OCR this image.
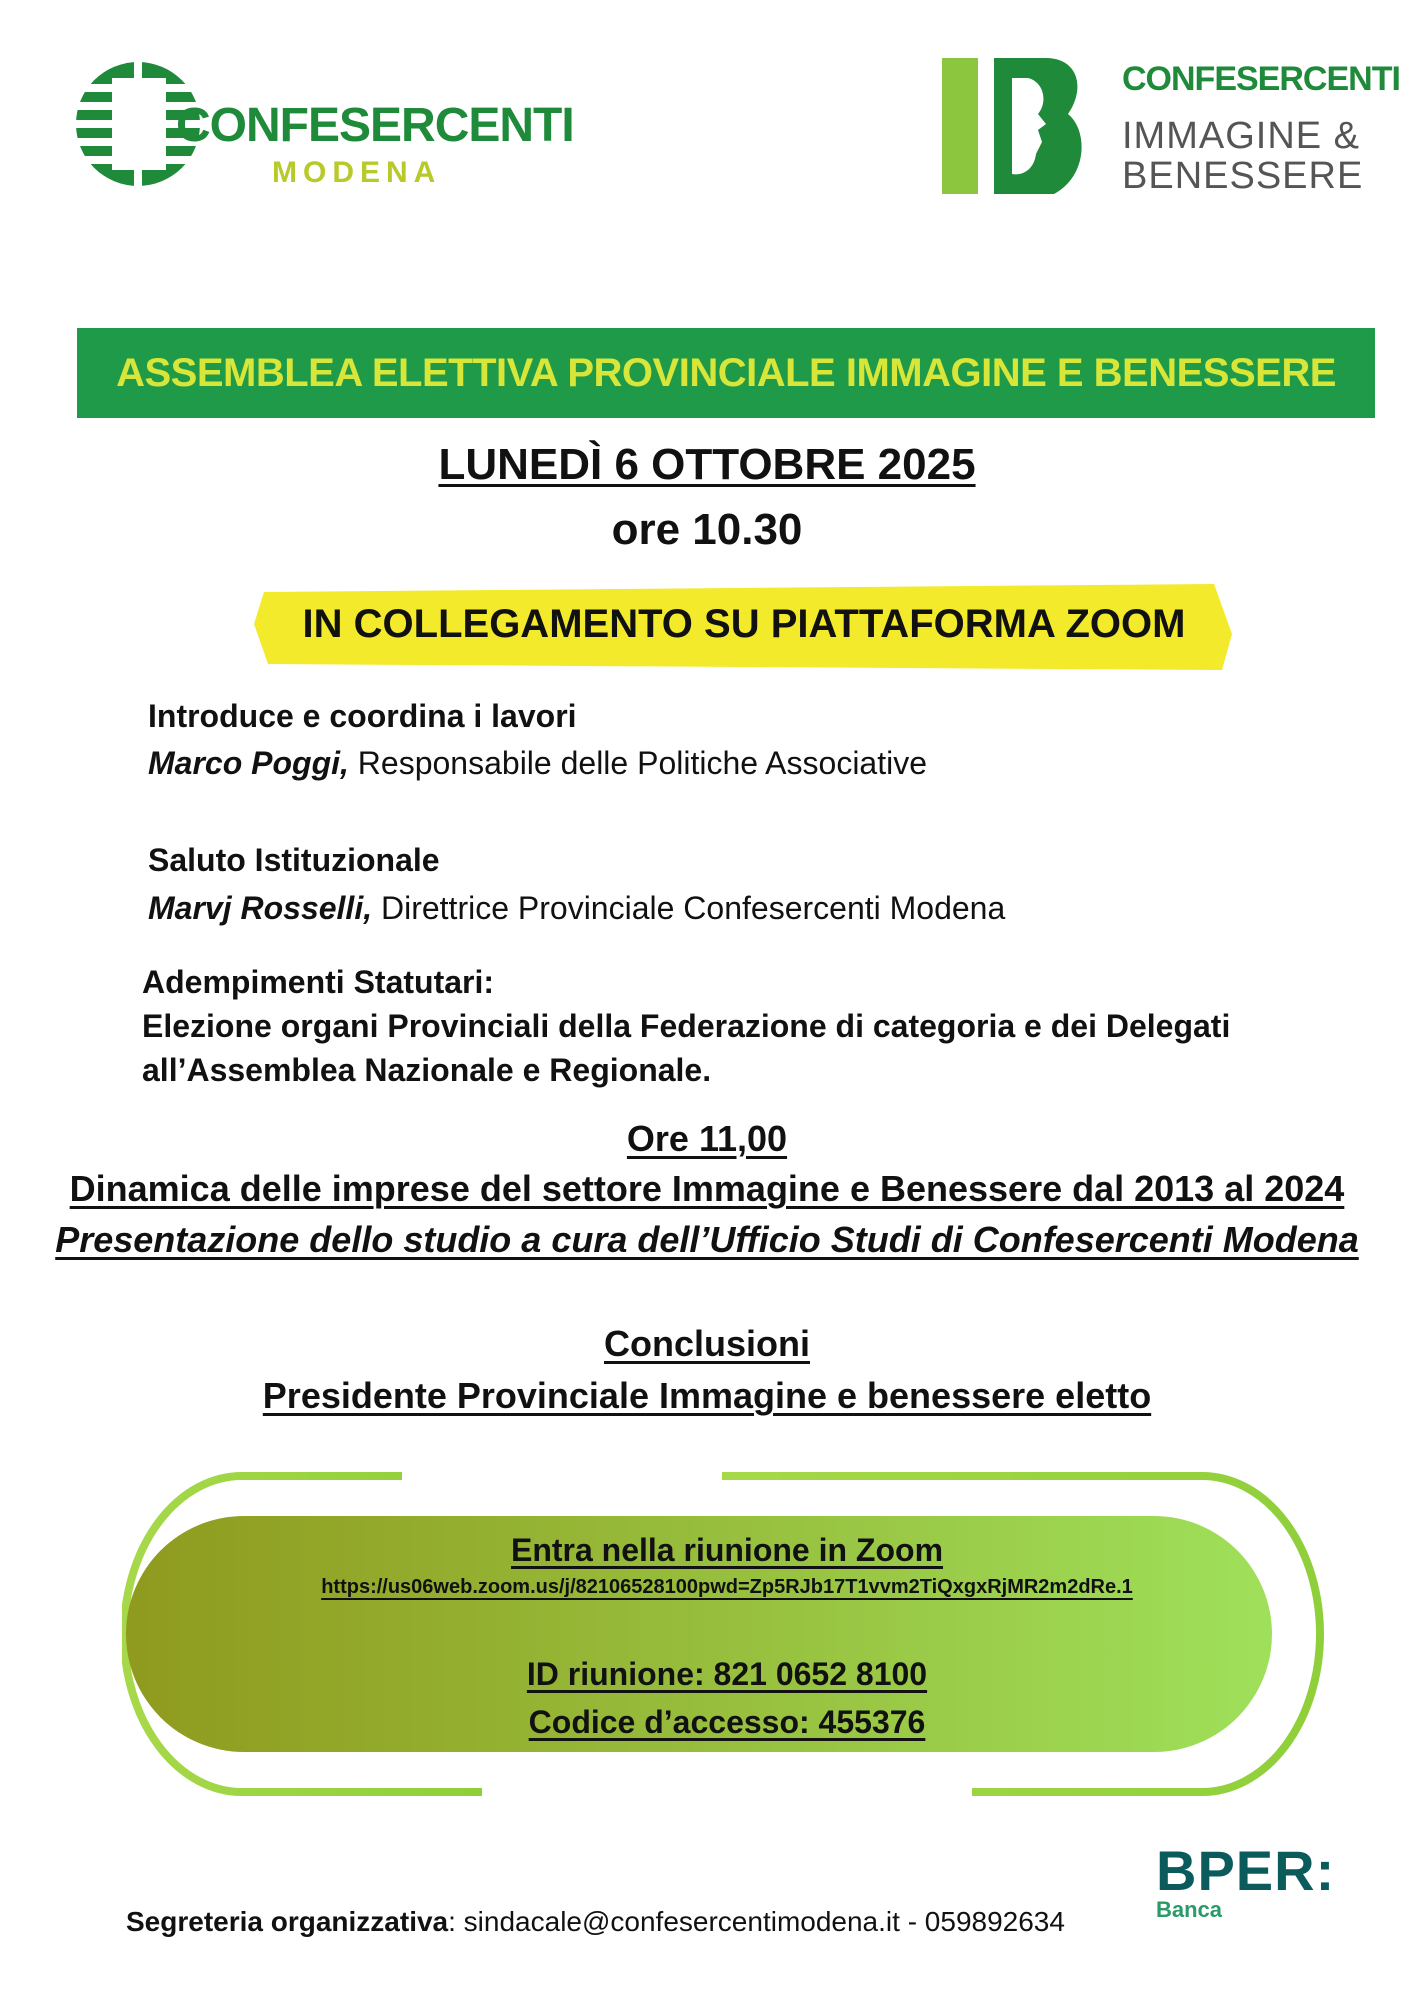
CONFESERCENTI
MODENA
CONFESERCENTI
IMMAGINE &
BENESSERE
ASSEMBLEA ELETTIVA PROVINCIALE IMMAGINE E BENESSERE
LUNEDÌ 6 OTTOBRE 2025
ore 10.30
IN COLLEGAMENTO SU PIATTAFORMA ZOOM
Introduce e coordina i lavori
Marco Poggi, Responsabile delle Politiche Associative
Saluto Istituzionale
Marvj Rosselli, Direttrice Provinciale Confesercenti Modena
Adempimenti Statutari:
Elezione organi Provinciali della Federazione di categoria e dei Delegati
all’Assemblea Nazionale e Regionale.
Ore 11,00
Dinamica delle imprese del settore Immagine e Benessere dal 2013 al 2024
Presentazione dello studio a cura dell’Ufficio Studi di Confesercenti Modena
Conclusioni
Presidente Provinciale Immagine e benessere eletto
Entra nella riunione in Zoom
https://us06web.zoom.us/j/82106528100pwd=Zp5RJb17T1vvm2TiQxgxRjMR2m2dRe.1
ID riunione: 821 0652 8100
Codice d’accesso: 455376
BPER:
Banca
Segreteria organizzativa: sindacale@confesercentimodena.it - 059892634
